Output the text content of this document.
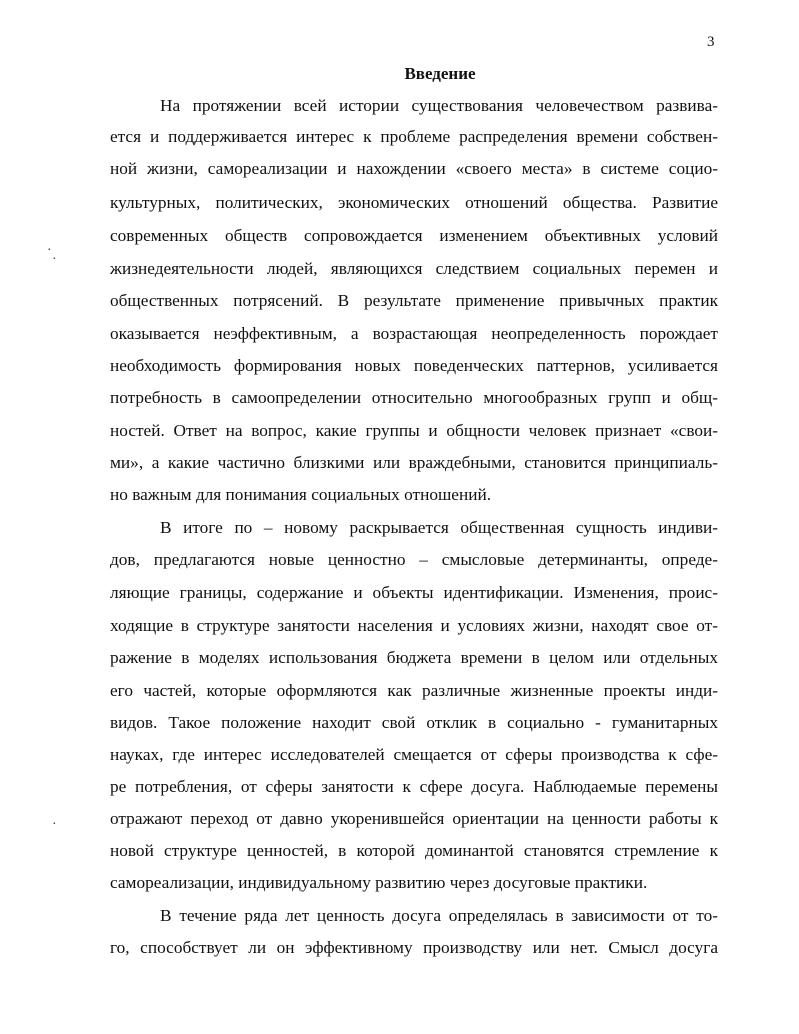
3
Введение
·
·
·
На протяжении всей истории существования человечеством развива-
ется и поддерживается интерес к проблеме распределения времени собствен-
ной жизни, самореализации и нахождении «своего места» в системе социо-
культурных, политических, экономических отношений общества. Развитие
современных обществ сопровождается изменением объективных условий
жизнедеятельности людей, являющихся следствием социальных перемен и
общественных потрясений. В результате применение привычных практик
оказывается неэффективным, а возрастающая неопределенность порождает
необходимость формирования новых поведенческих паттернов, усиливается
потребность в самоопределении относительно многообразных групп и общ-
ностей. Ответ на вопрос, какие группы и общности человек признает «свои-
ми», а какие частично близкими или враждебными, становится принципиаль-
но важным для понимания социальных отношений.
В итоге по – новому раскрывается общественная сущность индиви-
дов, предлагаются новые ценностно – смысловые детерминанты, опреде-
ляющие границы, содержание и объекты идентификации. Изменения, проис-
ходящие в структуре занятости населения и условиях жизни, находят свое от-
ражение в моделях использования бюджета времени в целом или отдельных
его частей, которые оформляются как различные жизненные проекты инди-
видов. Такое положение находит свой отклик в социально - гуманитарных
науках, где интерес исследователей смещается от сферы производства к сфе-
ре потребления, от сферы занятости к сфере досуга. Наблюдаемые перемены
отражают переход от давно укоренившейся ориентации на ценности работы к
новой структуре ценностей, в которой доминантой становятся стремление к
самореализации, индивидуальному развитию через досуговые практики.
В течение ряда лет ценность досуга определялась в зависимости от то-
го, способствует ли он эффективному производству или нет. Смысл досуга
